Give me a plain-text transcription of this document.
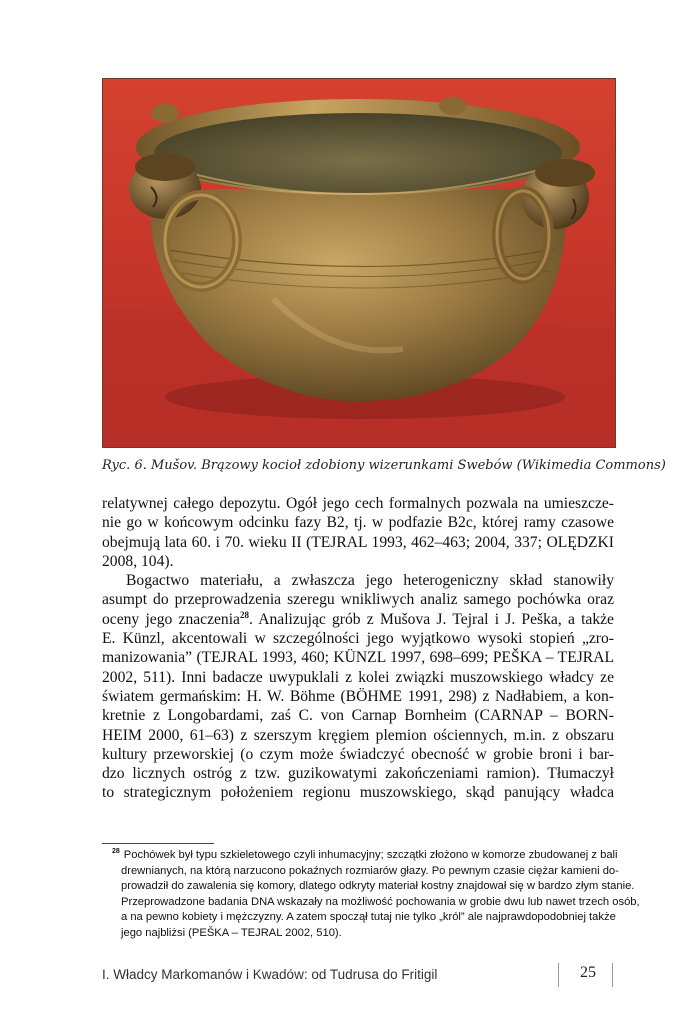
Ryc. 6. Mušov. Brązowy kocioł zdobiony wizerunkami Swebów (Wikimedia Commons)
relatywnej całego depozytu. Ogół jego cech formalnych pozwala na umieszcze-
nie go w końcowym odcinku fazy B2, tj. w podfazie B2c, której ramy czasowe
obejmują lata 60. i 70. wieku II (TEJRAL 1993, 462–463; 2004, 337; OLĘDZKI
2008, 104).
Bogactwo materiału, a zwłaszcza jego heterogeniczny skład stanowiły
asumpt do przeprowadzenia szeregu wnikliwych analiz samego pochówka oraz
oceny jego znaczenia$^{28}$. Analizując grób z Mušova J. Tejral i J. Peška, a także
E. Künzl, akcentowali w szczególności jego wyjątkowo wysoki stopień „zro-
manizowania” (TEJRAL 1993, 460; KÜNZL 1997, 698–699; PEŠKA – TEJRAL
2002, 511). Inni badacze uwypuklali z kolei związki muszowskiego władcy ze
światem germańskim: H. W. Böhme (BÖHME 1991, 298) z Nadłabiem, a kon-
kretnie z Longobardami, zaś C. von Carnap Bornheim (CARNAP – BORN-
HEIM 2000, 61–63) z szerszym kręgiem plemion ościennych, m.in. z obszaru
kultury przeworskiej (o czym może świadczyć obecność w grobie broni i bar-
dzo licznych ostróg z tzw. guzikowatymi zakończeniami ramion). Tłumaczył
to strategicznym położeniem regionu muszowskiego, skąd panujący władca
$^{28}$ Pochówek był typu szkieletowego czyli inhumacyjny; szczątki złożono w komorze zbudowanej z bali
drewnianych, na którą narzucono pokaźnych rozmiarów głazy. Po pewnym czasie ciężar kamieni do-
prowadził do zawalenia się komory, dlatego odkryty materiał kostny znajdował się w bardzo złym stanie.
Przeprowadzone badania DNA wskazały na możliwość pochowania w grobie dwu lub nawet trzech osób,
a na pewno kobiety i mężczyzny. A zatem spoczął tutaj nie tylko „król” ale najprawdopodobniej także
jego najbliżsi (PEŠKA – TEJRAL 2002, 510).
I. Władcy Markomanów i Kwadów: od Tudrusa do Fritigil	25
